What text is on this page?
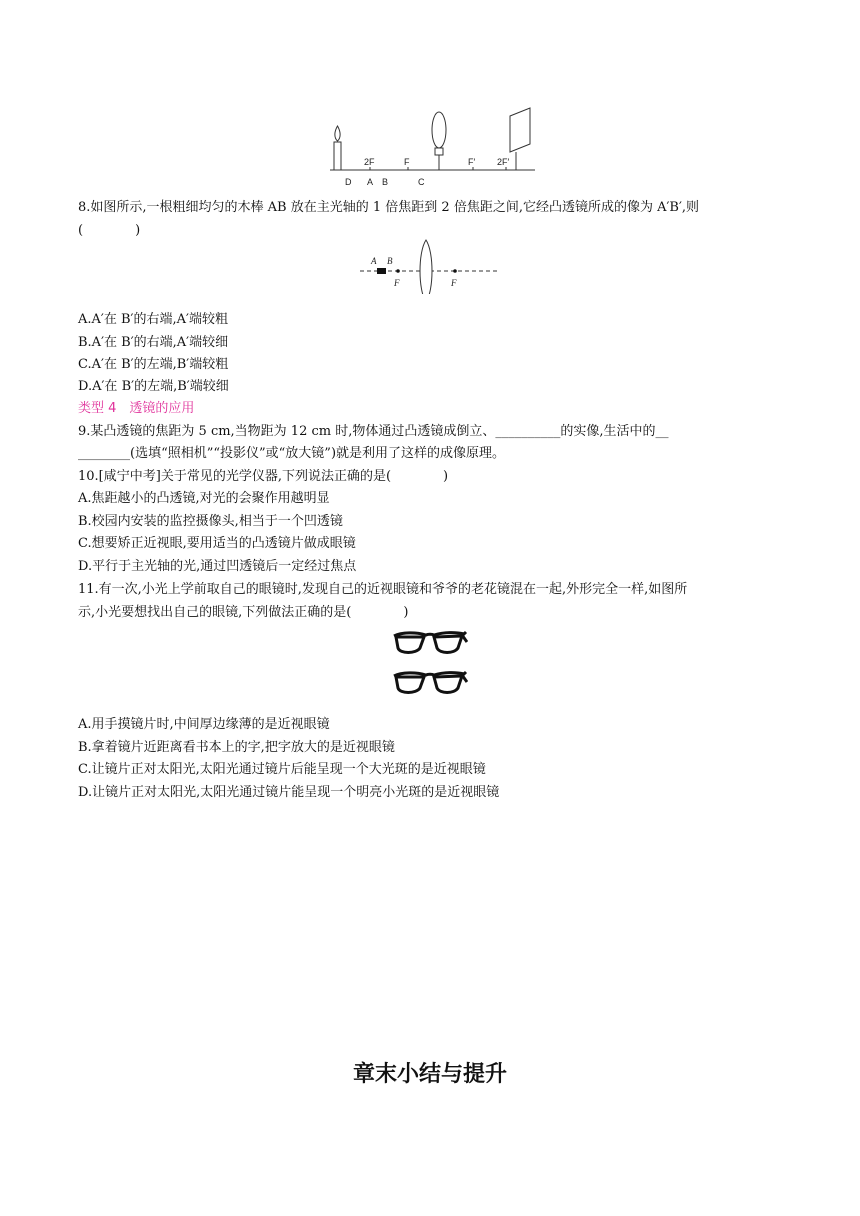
2F	F	F′ 2F′
D A B	C
8.如图所示,一根粗细均匀的木棒 AB 放在主光轴的 1 倍焦距到 2 倍焦距之间,它经凸透镜所成的像为 A′B′,则
(　　　　)
A B
F	F
A.A′在 B′的右端,A′端较粗
B.A′在 B′的右端,A′端较细
C.A′在 B′的左端,B′端较粗
D.A′在 B′的左端,B′端较细
类型 4　透镜的应用
9.某凸透镜的焦距为 5 cm,当物距为 12 cm 时,物体通过凸透镜成倒立、__________的实像,生活中的__
________(选填“照相机”“投影仪”或“放大镜”)就是利用了这样的成像原理。
10.[咸宁中考]关于常见的光学仪器,下列说法正确的是(　　　　)
A.焦距越小的凸透镜,对光的会聚作用越明显
B.校园内安装的监控摄像头,相当于一个凹透镜
C.想要矫正近视眼,要用适当的凸透镜片做成眼镜
D.平行于主光轴的光,通过凹透镜后一定经过焦点
11.有一次,小光上学前取自己的眼镜时,发现自己的近视眼镜和爷爷的老花镜混在一起,外形完全一样,如图所
示,小光要想找出自己的眼镜,下列做法正确的是(　　　　)
A.用手摸镜片时,中间厚边缘薄的是近视眼镜
B.拿着镜片近距离看书本上的字,把字放大的是近视眼镜
C.让镜片正对太阳光,太阳光通过镜片后能呈现一个大光斑的是近视眼镜
D.让镜片正对太阳光,太阳光通过镜片能呈现一个明亮小光斑的是近视眼镜
章末小结与提升
